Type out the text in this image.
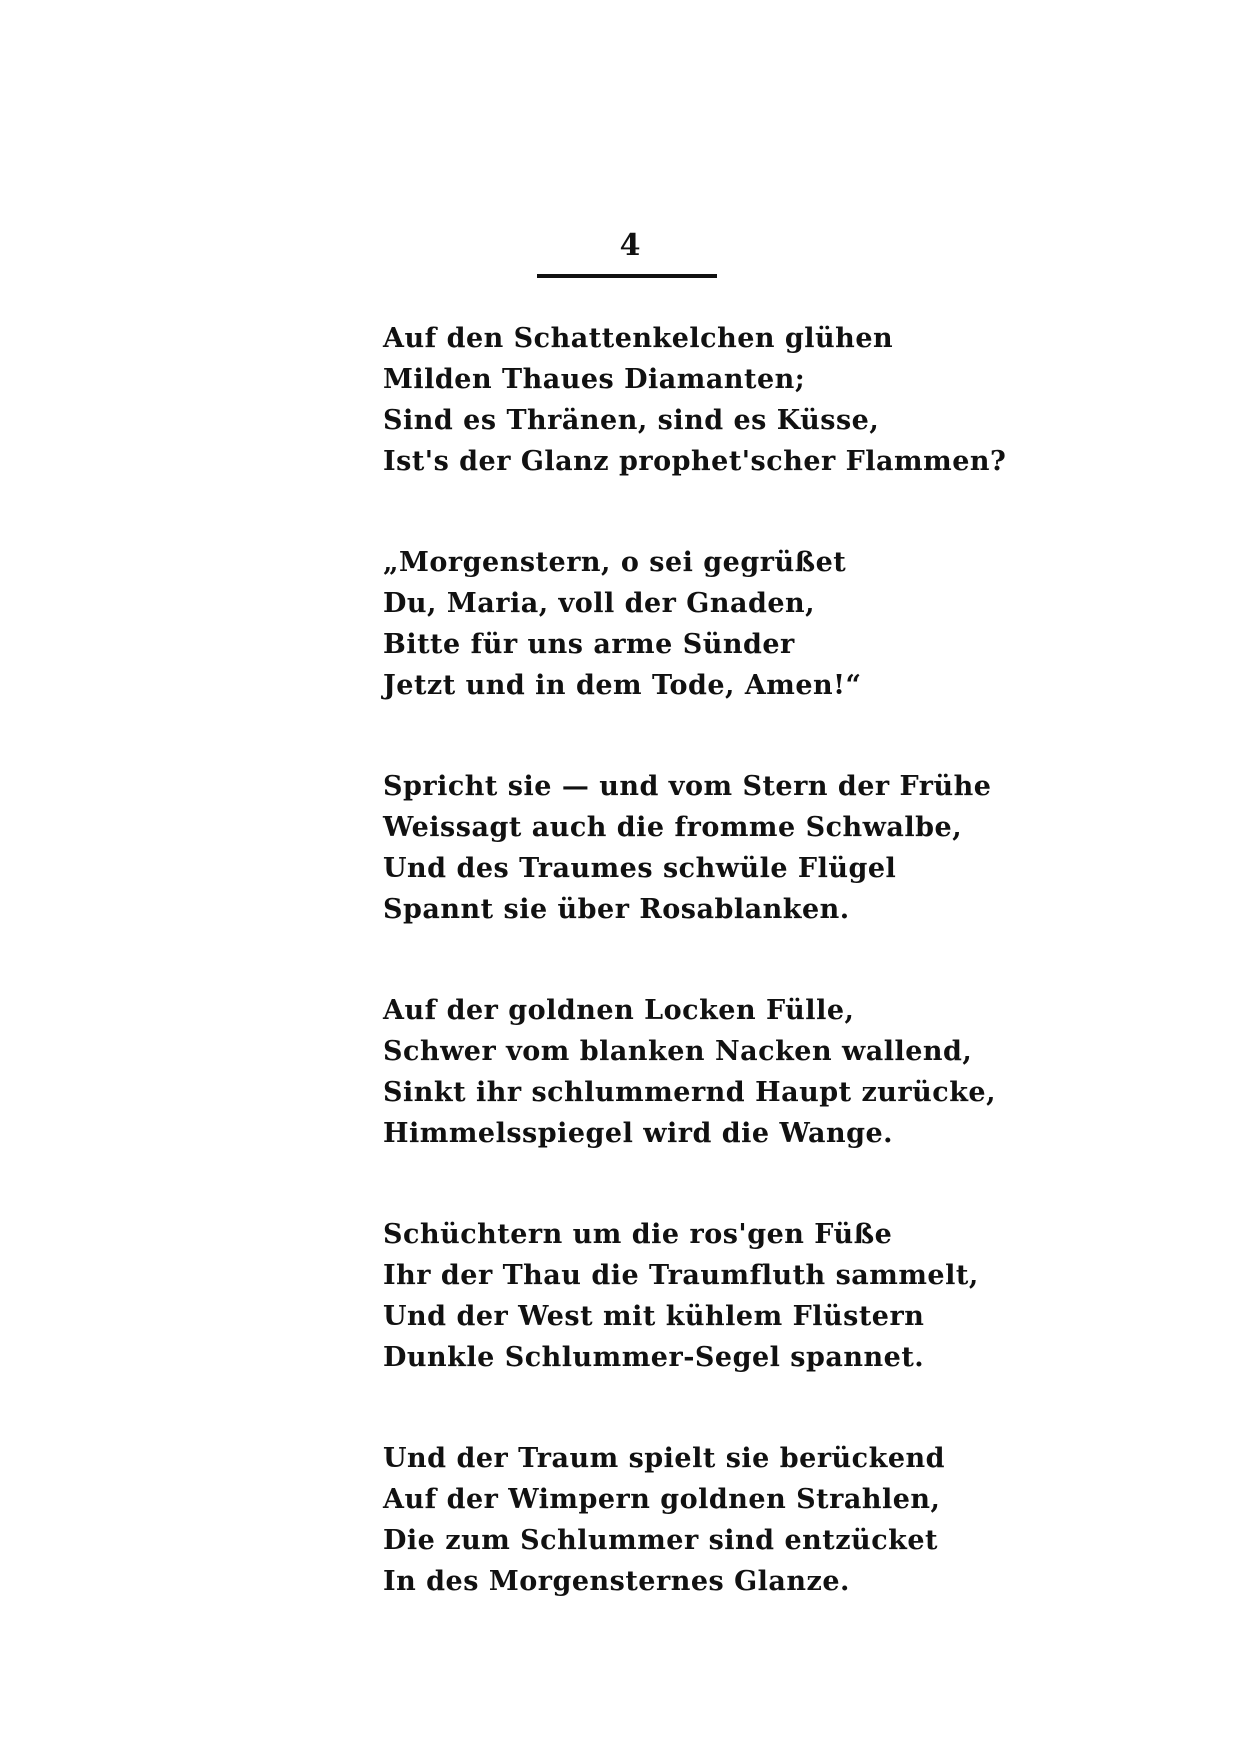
4
Auf den Schattenkelchen glühen
Milden Thaues Diamanten;
Sind es Thränen, sind es Küsse,
Ist's der Glanz prophet'scher Flammen?
„Morgenstern, o sei gegrüßet
Du, Maria, voll der Gnaden,
Bitte für uns arme Sünder
Jetzt und in dem Tode, Amen!“
Spricht sie — und vom Stern der Frühe
Weissagt auch die fromme Schwalbe,
Und des Traumes schwüle Flügel
Spannt sie über Rosablanken.
Auf der goldnen Locken Fülle,
Schwer vom blanken Nacken wallend,
Sinkt ihr schlummernd Haupt zurücke,
Himmelsspiegel wird die Wange.
Schüchtern um die ros'gen Füße
Ihr der Thau die Traumfluth sammelt,
Und der West mit kühlem Flüstern
Dunkle Schlummer-Segel spannet.
Und der Traum spielt sie berückend
Auf der Wimpern goldnen Strahlen,
Die zum Schlummer sind entzücket
In des Morgensternes Glanze.
